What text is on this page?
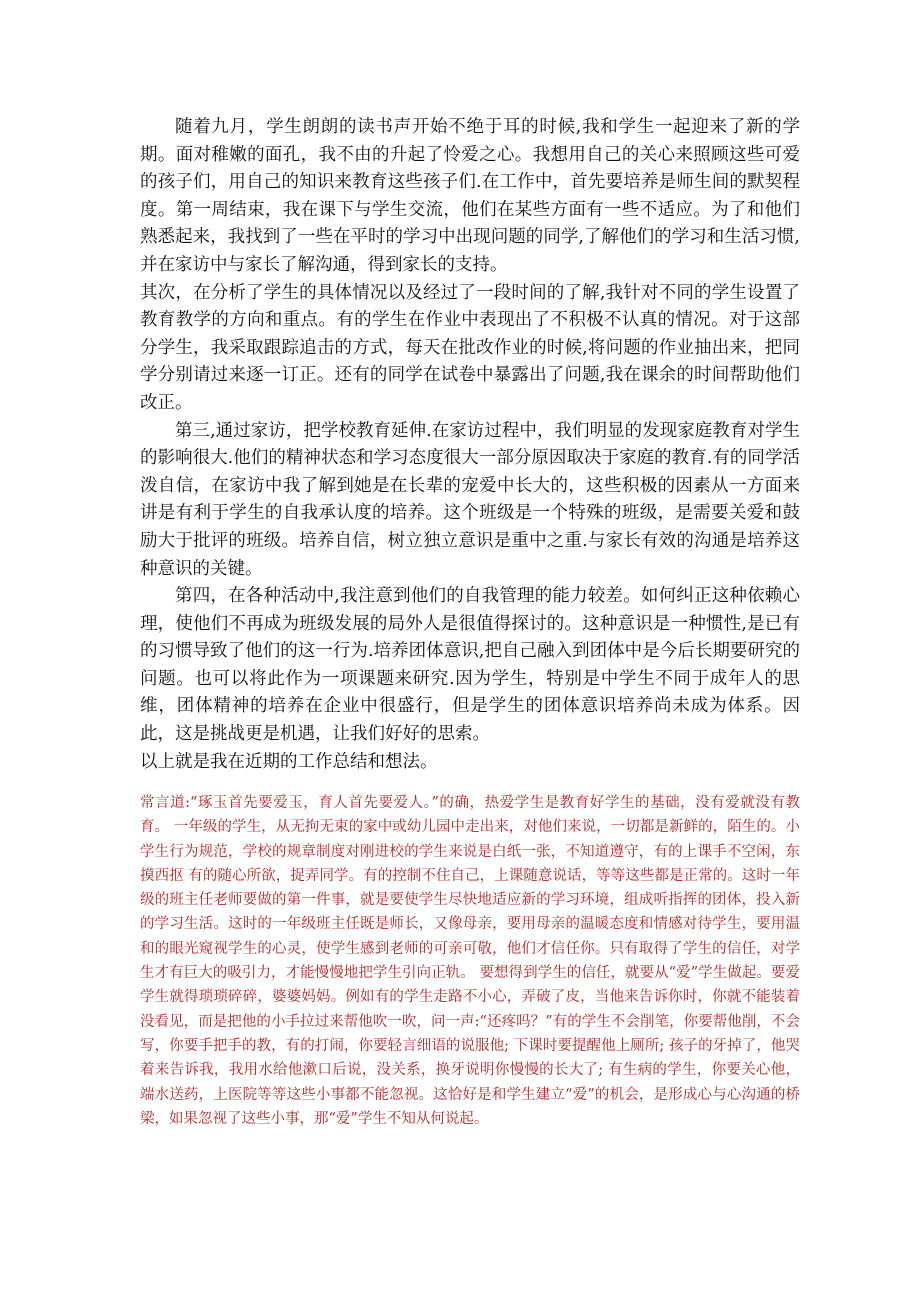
随着九月，学生朗朗的读书声开始不绝于耳的时候,我和学生一起迎来了新的学期。面对稚嫩的面孔，我不由的升起了怜爱之心。我想用自己的关心来照顾这些可爱的孩子们，用自己的知识来教育这些孩子们.在工作中，首先要培养是师生间的默契程度。第一周结束，我在课下与学生交流，他们在某些方面有一些不适应。为了和他们熟悉起来，我找到了一些在平时的学习中出现问题的同学,了解他们的学习和生活习惯,并在家访中与家长了解沟通，得到家长的支持。

其次，在分析了学生的具体情况以及经过了一段时间的了解,我针对不同的学生设置了教育教学的方向和重点。有的学生在作业中表现出了不积极不认真的情况。对于这部分学生，我采取跟踪追击的方式，每天在批改作业的时候,将问题的作业抽出来，把同学分别请过来逐一订正。还有的同学在试卷中暴露出了问题,我在课余的时间帮助他们改正。

第三,通过家访，把学校教育延伸.在家访过程中，我们明显的发现家庭教育对学生的影响很大.他们的精神状态和学习态度很大一部分原因取决于家庭的教育.有的同学活泼自信，在家访中我了解到她是在长辈的宠爱中长大的，这些积极的因素从一方面来讲是有利于学生的自我承认度的培养。这个班级是一个特殊的班级，是需要关爱和鼓励大于批评的班级。培养自信，树立独立意识是重中之重.与家长有效的沟通是培养这种意识的关键。

第四，在各种活动中,我注意到他们的自我管理的能力较差。如何纠正这种依赖心理，使他们不再成为班级发展的局外人是很值得探讨的。这种意识是一种惯性,是已有的习惯导致了他们的这一行为.培养团体意识,把自己融入到团体中是今后长期要研究的问题。也可以将此作为一项课题来研究.因为学生，特别是中学生不同于成年人的思维，团体精神的培养在企业中很盛行，但是学生的团体意识培养尚未成为体系。因此，这是挑战更是机遇，让我们好好的思索。

以上就是我在近期的工作总结和想法。

常言道:“琢玉首先要爱玉，育人首先要爱人。”的确，热爱学生是教育好学生的基础，没有爱就没有教育。 一年级的学生，从无拘无束的家中或幼儿园中走出来，对他们来说，一切都是新鲜的，陌生的。小学生行为规范，学校的规章制度对刚进校的学生来说是白纸一张，不知道遵守，有的上课手不空闲，东摸西抠 有的随心所欲，捉弄同学。有的控制不住自己，上课随意说话，等等这些都是正常的。这时一年级的班主任老师要做的第一件事，就是要使学生尽快地适应新的学习环境，组成听指挥的团体，投入新的学习生活。这时的一年级班主任既是师长，又像母亲，要用母亲的温暖态度和情感对待学生，要用温和的眼光窥视学生的心灵，使学生感到老师的可亲可敬，他们才信任你。只有取得了学生的信任，对学生才有巨大的吸引力，才能慢慢地把学生引向正轨。 要想得到学生的信任，就要从“爱”学生做起。要爱学生就得琐琐碎碎，婆婆妈妈。例如有的学生走路不小心，弄破了皮，当他来告诉你时，你就不能装着没看见，而是把他的小手拉过来帮他吹一吹，问一声:“还疼吗？”有的学生不会削笔，你要帮他削，不会写，你要手把手的教，有的打闹，你要轻言细语的说服他; 下课时要提醒他上厕所; 孩子的牙掉了，他哭着来告诉我，我用水给他漱口后说，没关系，换牙说明你慢慢的长大了; 有生病的学生，你要关心他，端水送药，上医院等等这些小事都不能忽视。这恰好是和学生建立“爱”的机会，是形成心与心沟通的桥梁，如果忽视了这些小事，那“爱”学生不知从何说起。
